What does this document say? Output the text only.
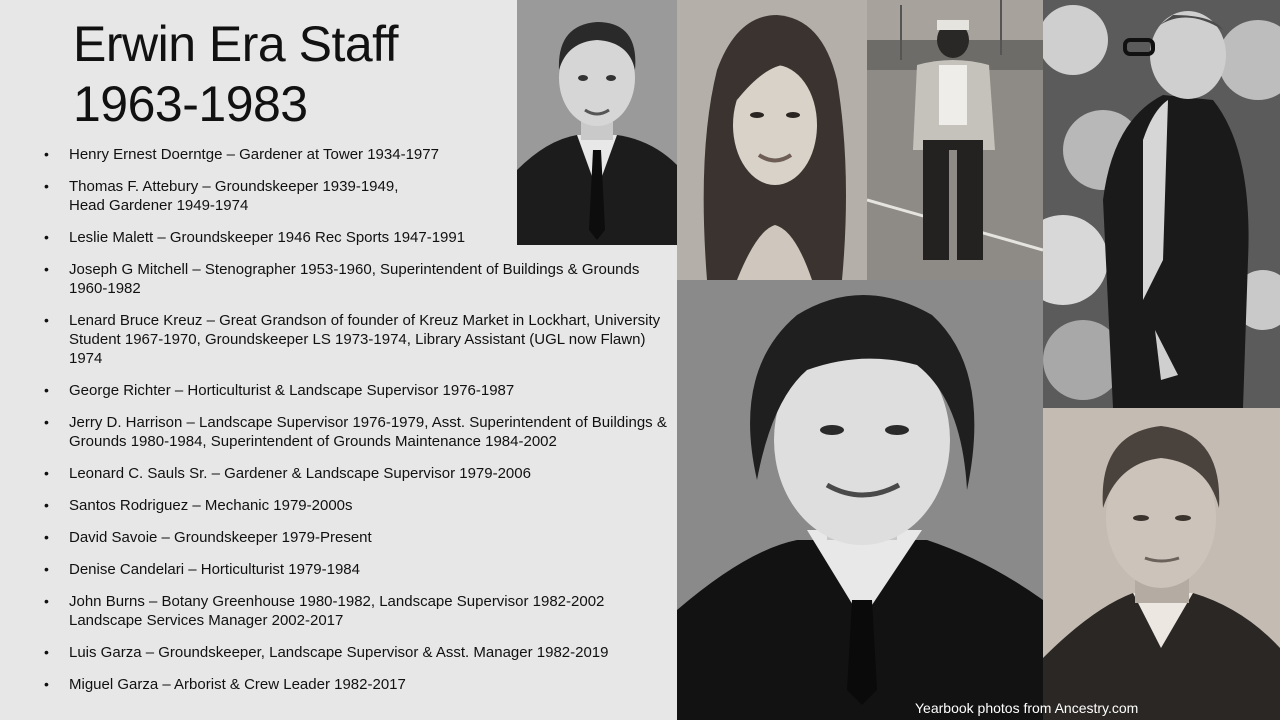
Erwin Era Staff
1963-1983
• Henry Ernest Doerntge – Gardener at Tower 1934-1977
• Thomas F. Attebury – Groundskeeper 1939-1949,
Head Gardener 1949-1974
• Leslie Malett – Groundskeeper 1946 Rec Sports 1947-1991
• Joseph G Mitchell – Stenographer 1953-1960, Superintendent of Buildings & Grounds 1960-1982
• Lenard Bruce Kreuz – Great Grandson of founder of Kreuz Market in Lockhart, University Student 1967-1970, Groundskeeper LS 1973-1974, Library Assistant (UGL now Flawn) 1974
• George Richter – Horticulturist & Landscape Supervisor 1976-1987
• Jerry D. Harrison – Landscape Supervisor 1976-1979, Asst. Superintendent of Buildings & Grounds 1980-1984, Superintendent of Grounds Maintenance 1984-2002
• Leonard C. Sauls Sr. – Gardener & Landscape Supervisor 1979-2006
• Santos Rodriguez – Mechanic 1979-2000s
• David Savoie – Groundskeeper 1979-Present
• Denise Candelari – Horticulturist 1979-1984
• John Burns – Botany Greenhouse 1980-1982, Landscape Supervisor 1982-2002
Landscape Services Manager 2002-2017
• Luis Garza – Groundskeeper, Landscape Supervisor & Asst. Manager 1982-2019
• Miguel Garza – Arborist & Crew Leader 1982-2017
Yearbook photos from Ancestry.com
